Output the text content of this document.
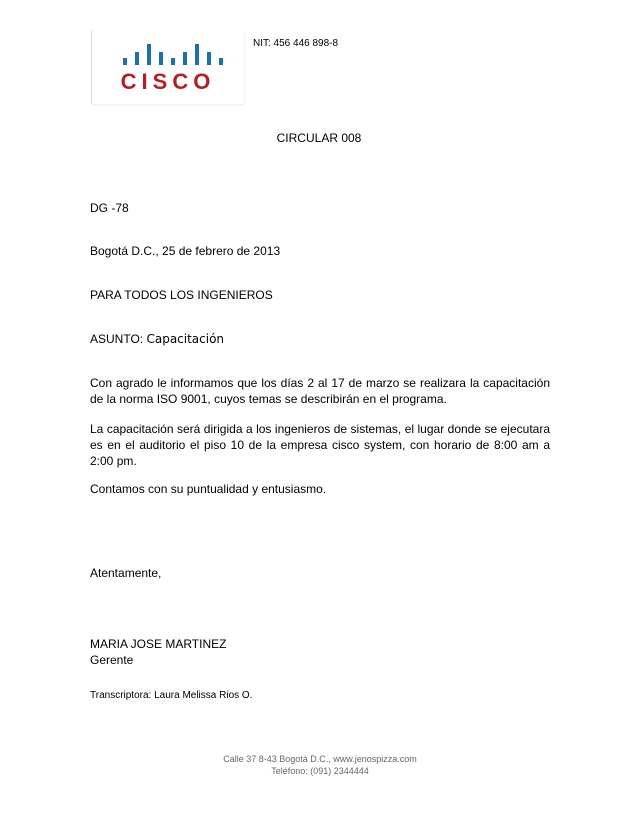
CISCO
NIT: 456 446 898-8
CIRCULAR 008
DG -78
Bogotá D.C., 25 de febrero de 2013
PARA TODOS LOS INGENIEROS
ASUNTO: Capacitación
Con agrado le informamos que los días 2 al 17 de marzo se realizara la capacitación de la norma ISO 9001, cuyos temas se describirán en el programa.
La capacitación será dirigida a los ingenieros de sistemas, el lugar donde se ejecutara es en el auditorio el piso 10 de la empresa cisco system, con horario de 8:00 am a 2:00 pm.
Contamos con su puntualidad y entusiasmo.
Atentamente,
MARIA JOSE MARTINEZ
Gerente
Transcriptora: Laura Melissa Rios O.
Calle 37 8-43 Bogotá D.C., www.jenospizza.com
Teléfono: (091) 2344444
